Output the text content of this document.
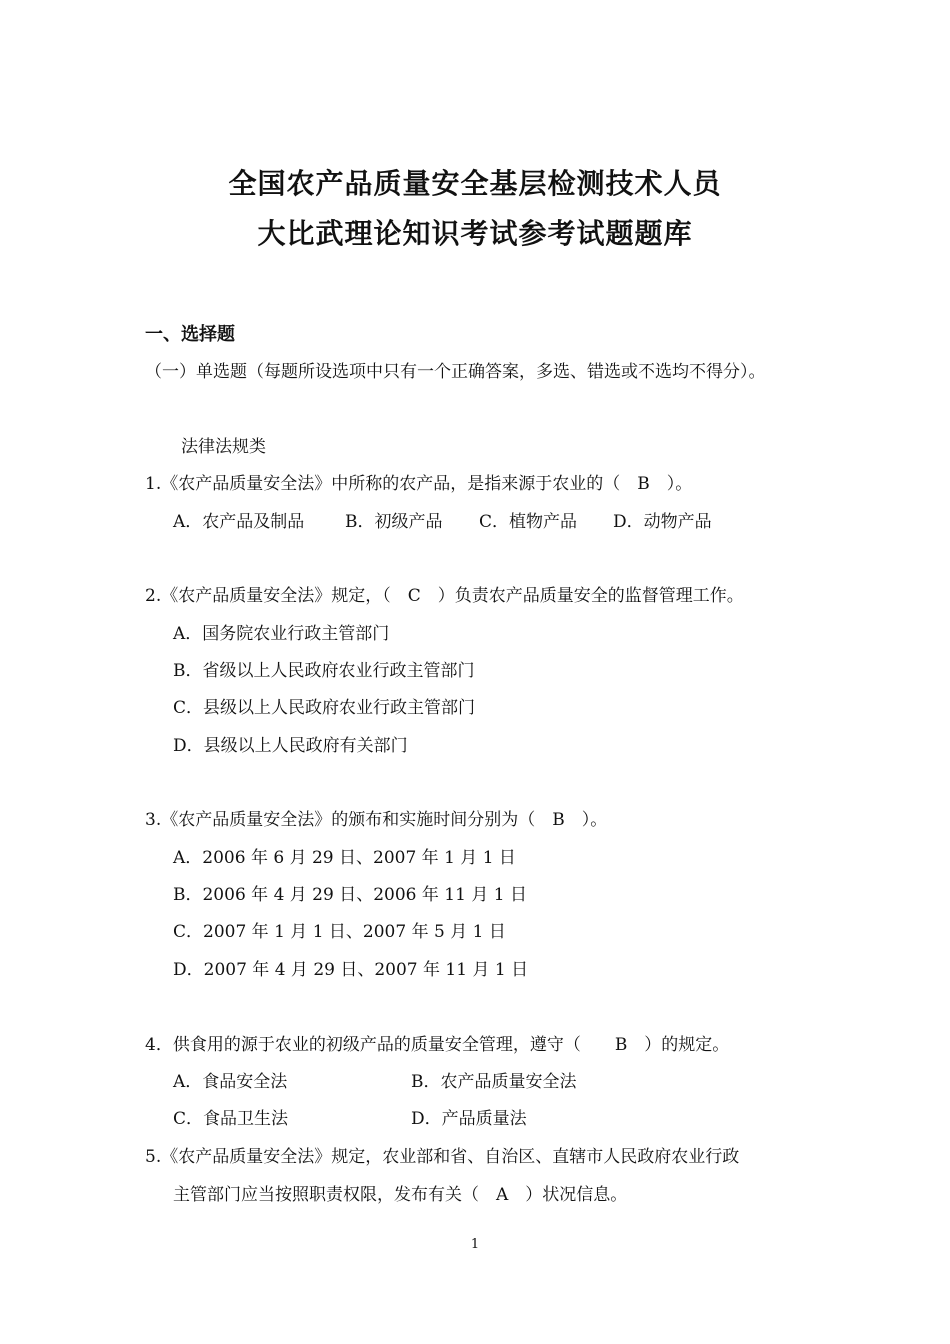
全国农产品质量安全基层检测技术人员
大比武理论知识考试参考试题题库
一、选择题
（一）单选题（每题所设选项中只有一个正确答案，多选、错选或不选均不得分）。
法律法规类
1.《农产品质量安全法》中所称的农产品，是指来源于农业的（　B　）。
A．农产品及制品 B．初级产品 C．植物产品 D．动物产品
2.《农产品质量安全法》规定，（　C　）负责农产品质量安全的监督管理工作。
A．国务院农业行政主管部门
B．省级以上人民政府农业行政主管部门
C．县级以上人民政府农业行政主管部门
D．县级以上人民政府有关部门
3.《农产品质量安全法》的颁布和实施时间分别为（　B　）。
A．2006 年 6 月 29 日、2007 年 1 月 1 日
B．2006 年 4 月 29 日、2006 年 11 月 1 日
C．2007 年 1 月 1 日、2007 年 5 月 1 日
D．2007 年 4 月 29 日、2007 年 11 月 1 日
4．供食用的源于农业的初级产品的质量安全管理，遵守（　　B　）的规定。
A．食品安全法	B．农产品质量安全法
C．食品卫生法	D．产品质量法
5.《农产品质量安全法》规定，农业部和省、自治区、直辖市人民政府农业行政
主管部门应当按照职责权限，发布有关（　A　）状况信息。
1
